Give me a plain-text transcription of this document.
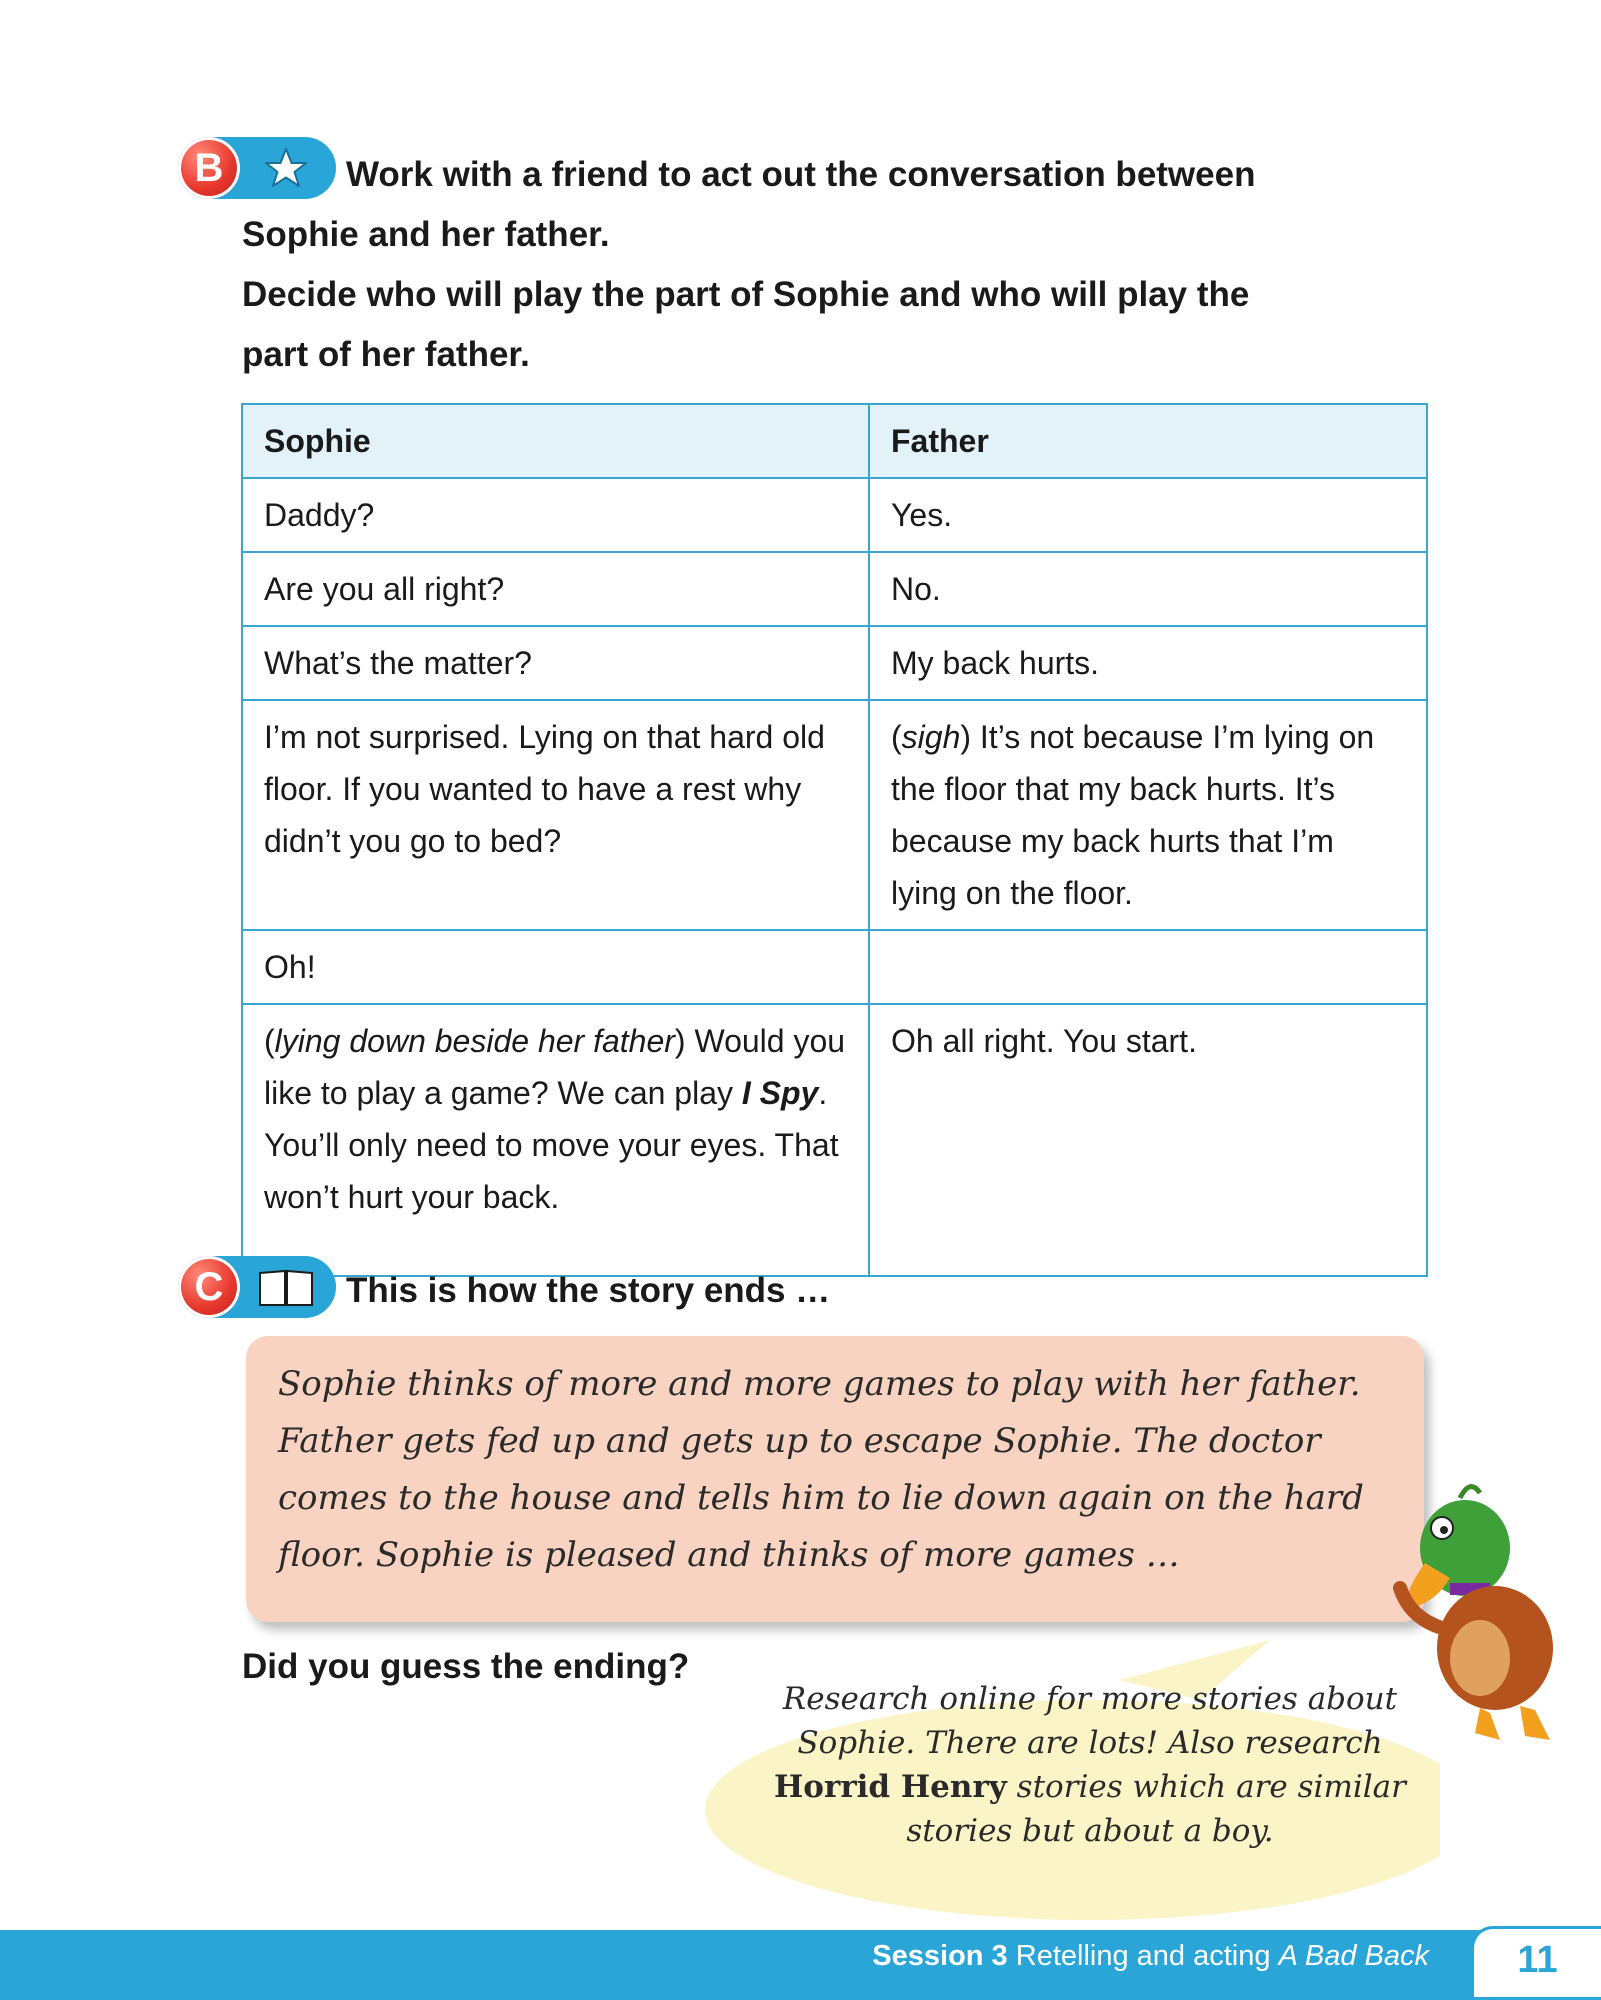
B	Work with a friend to act out the conversation between

Sophie and her father.

Decide who will play the part of Sophie and who will play the

part of her father.

Sophie	Father
Daddy?	Yes.
Are you all right?	No.
What’s the matter?	My back hurts.
I’m not surprised. Lying on that hard old floor. If you wanted to have a rest why didn’t you go to bed?	(sigh) It’s not because I’m lying on the floor that my back hurts. It’s because my back hurts that I’m lying on the floor.
Oh!	
(lying down beside her father) Would you like to play a game? We can play I Spy. You’ll only need to move your eyes. That won’t hurt your back.	Oh all right. You start.
C	This is how the story ends …

Sophie thinks of more and more games to play with her father. Father gets fed up and gets up to escape Sophie. The doctor comes to the house and tells him to lie down again on the hard floor. Sophie is pleased and thinks of more games …
Did you guess the ending?
Research online for more stories about Sophie. There are lots! Also research Horrid Henry stories which are similar stories but about a boy.
Session 3 Retelling and acting A Bad Back	11
